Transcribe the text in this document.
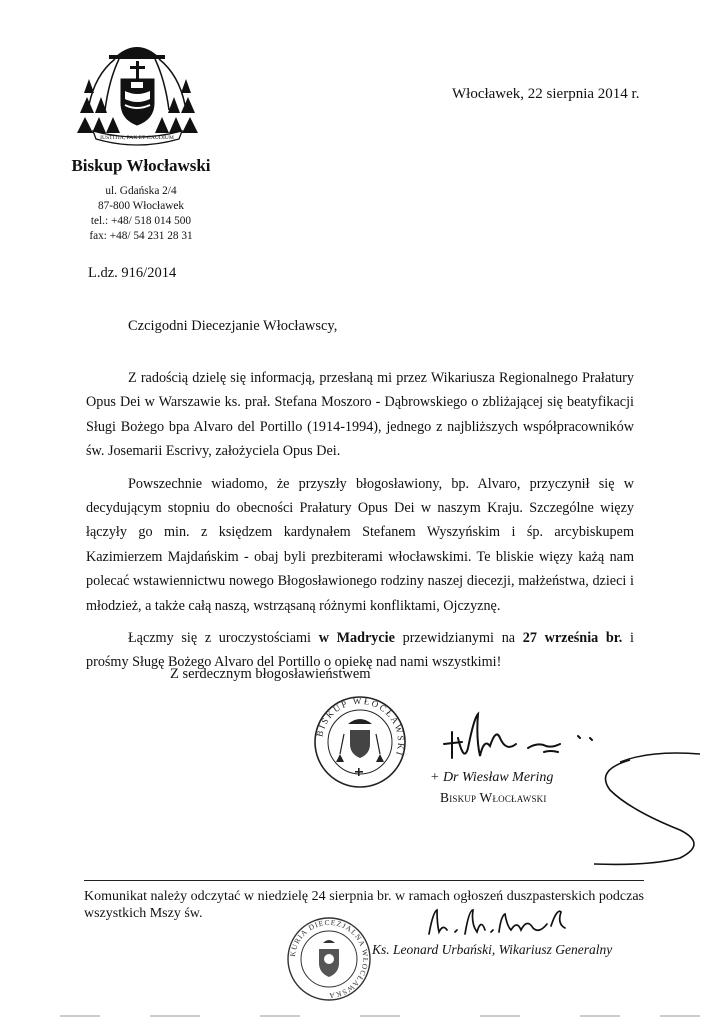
IUSTITIA, PAX ET GAUDIUM
Włocławek, 22 sierpnia 2014 r.
Biskup Włocławski
ul. Gdańska 2/4
87-800 Włocławek
tel.: +48/ 518 014 500
fax: +48/ 54 231 28 31
L.dz. 916/2014
Czcigodni Diecezjanie Włocławscy,

Z radością dzielę się informacją, przesłaną mi przez Wikariusza Regionalnego Prałatury Opus Dei w Warszawie ks. prał. Stefana Moszoro - Dąbrowskiego o zbliżającej się beatyfikacji Sługi Bożego bpa Alvaro del Portillo (1914-1994), jednego z najbliższych współpracowników św. Josemarii Escrivy, założyciela Opus Dei.

Powszechnie wiadomo, że przyszły błogosławiony, bp. Alvaro, przyczynił się w decydującym stopniu do obecności Prałatury Opus Dei w naszym Kraju. Szczególne więzy łączyły go min. z księdzem kardynałem Stefanem Wyszyńskim i śp. arcybiskupem Kazimierzem Majdańskim - obaj byli prezbiterami włocławskimi. Te bliskie więzy każą nam polecać wstawiennictwu nowego Błogosławionego rodziny naszej diecezji, małżeństwa, dzieci i młodzież, a także całą naszą, wstrząsaną różnymi konfliktami, Ojczyznę.

Łączmy się z uroczystościami w Madrycie przewidzianymi na 27 września br. i prośmy Sługę Bożego Alvaro del Portillo o opiekę nad nami wszystkimi!

Z serdecznym błogosławieństwem
BISKUP WŁOCŁAWSKI
+ Dr Wiesław Mering
Biskup Włocławski
Komunikat należy odczytać w niedzielę 24 sierpnia br. w ramach ogłoszeń duszpasterskich podczas wszystkich Mszy św.
KURIA DIECEZJALNA WŁOCŁAWSKA
Ks. Leonard Urbański, Wikariusz Generalny
